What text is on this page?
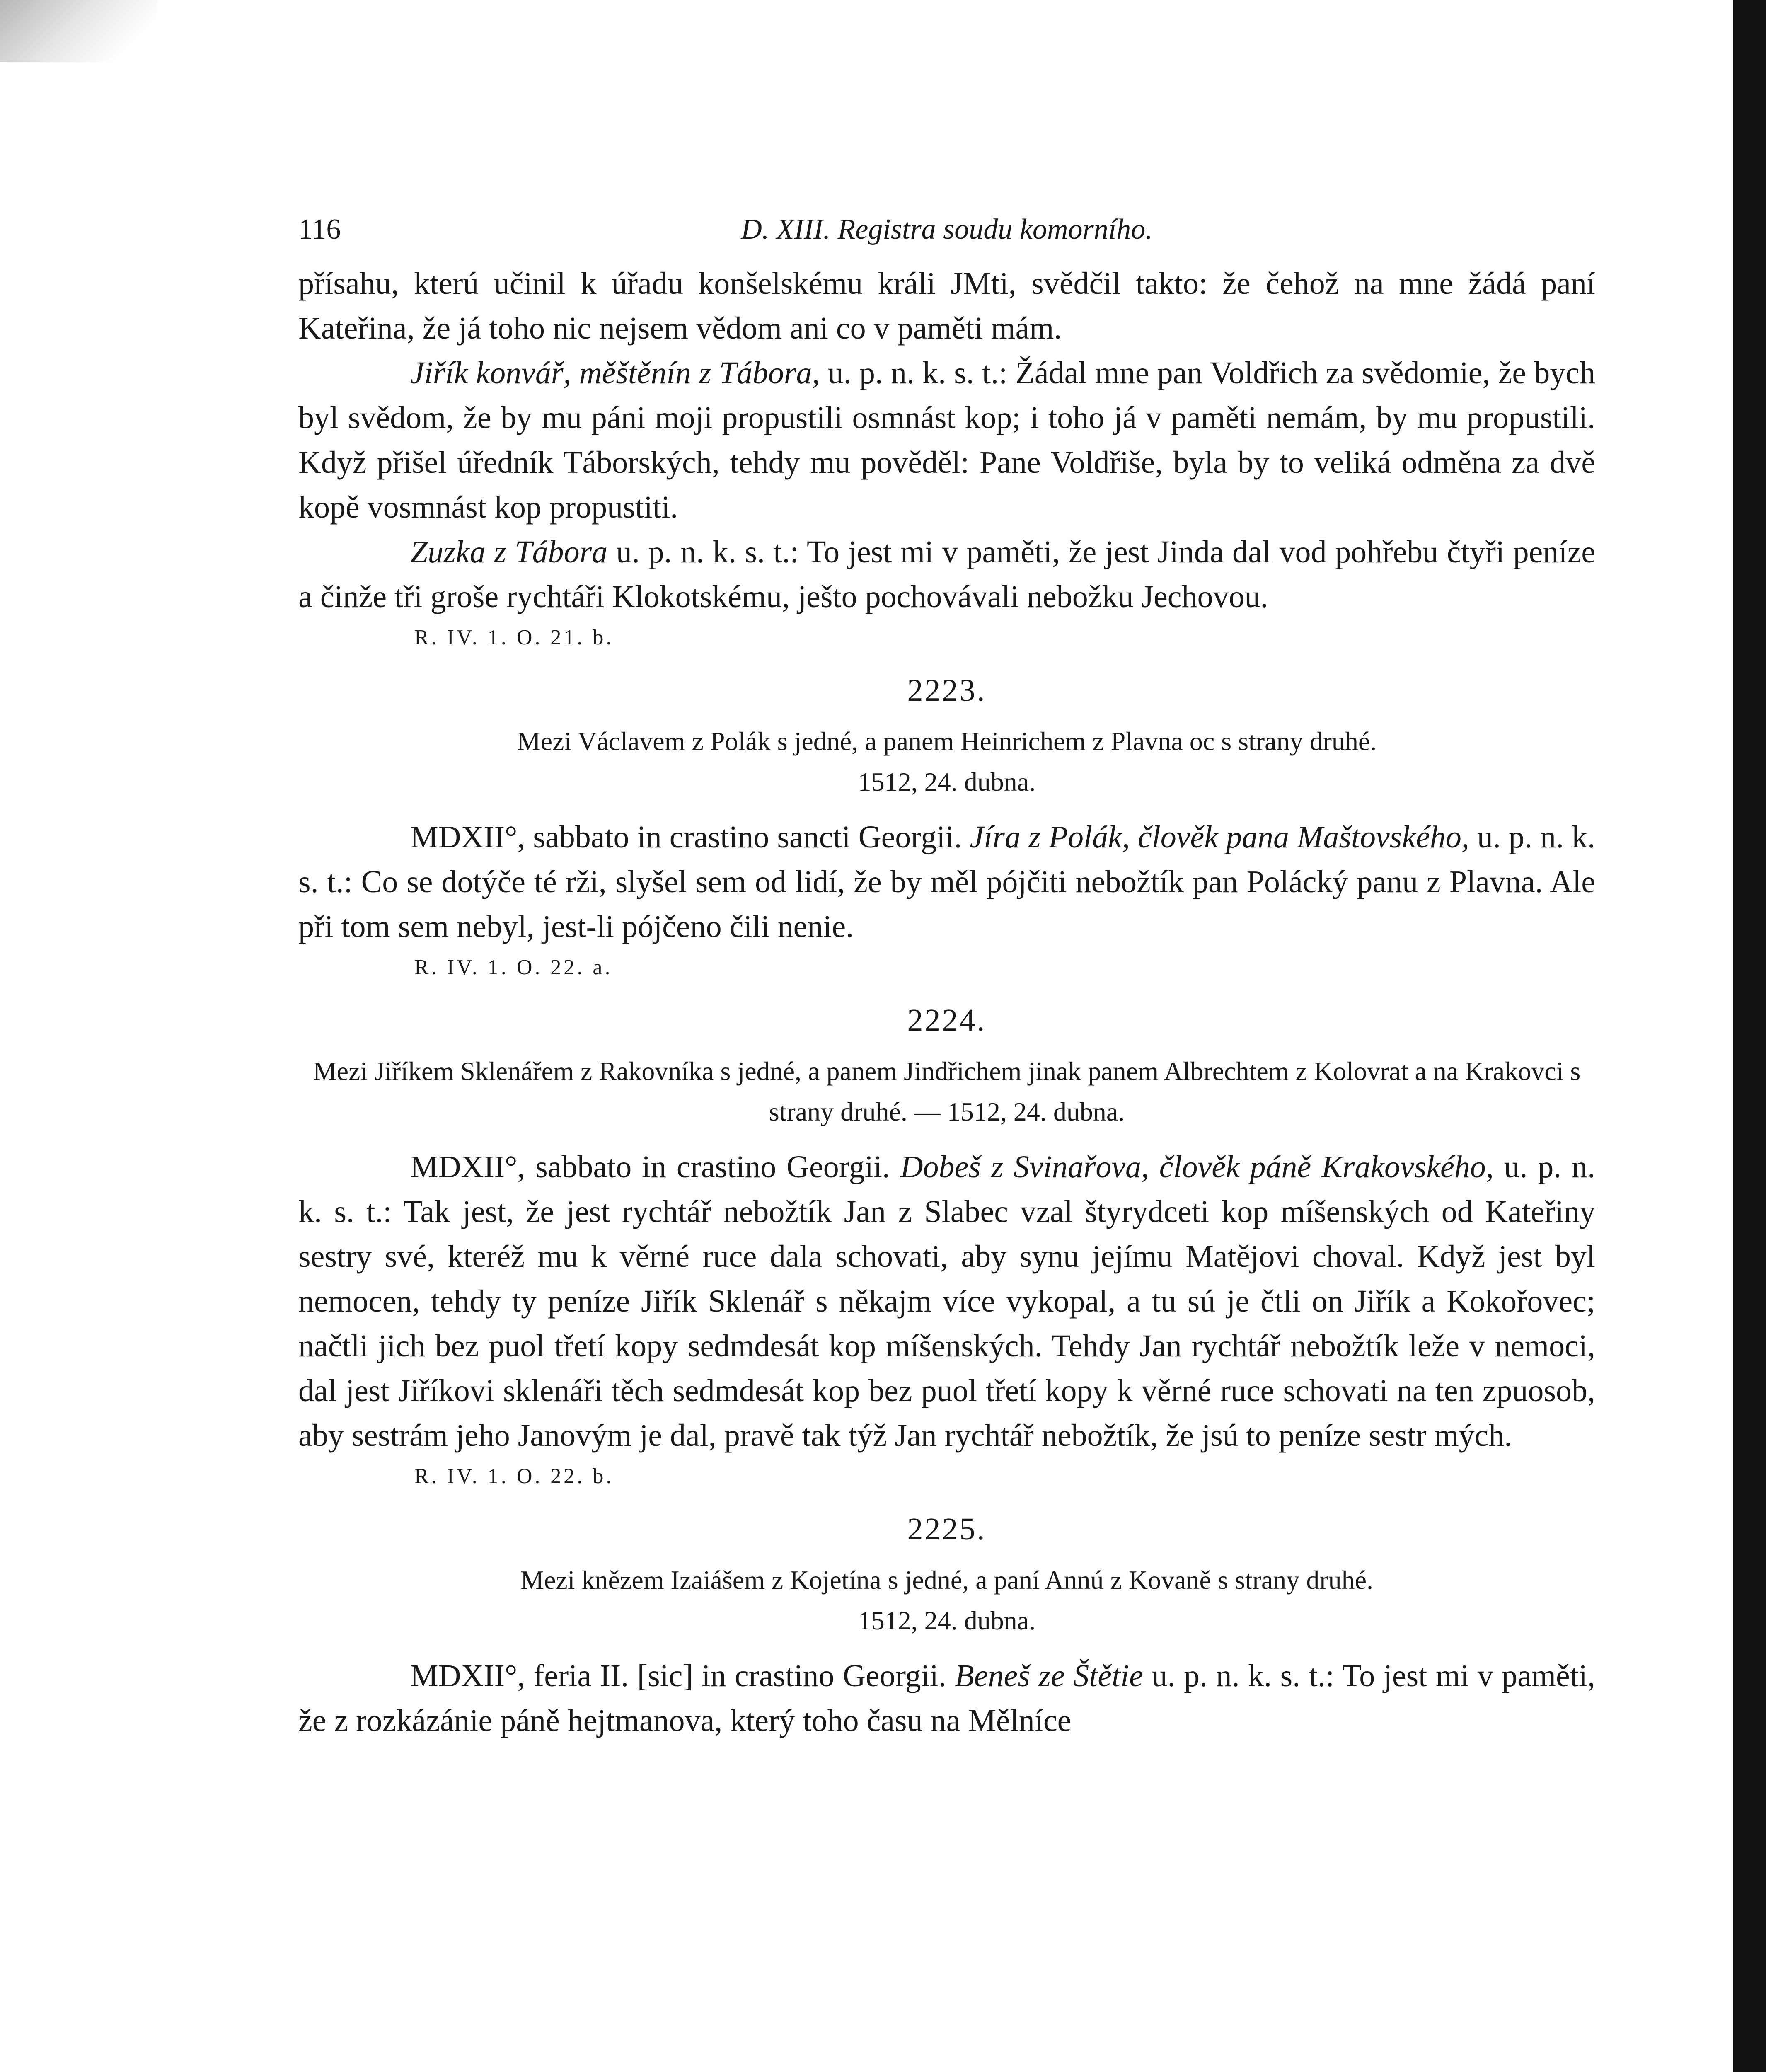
116	D. XIII. Registra soudu komorního.

přísahu, kterú učinil k úřadu konšelskému králi JMti, svědčil takto: že čehož na mne žádá paní Kateřina, že já toho nic nejsem vědom ani co v paměti mám.

Jiřík konvář, měštěnín z Tábora, u. p. n. k. s. t.: Žádal mne pan Voldřich za svědomie, že bych byl svědom, že by mu páni moji propustili osmnást kop; i toho já v paměti nemám, by mu propustili. Když přišel úředník Táborských, tehdy mu pověděl: Pane Voldřiše, byla by to veliká odměna za dvě kopě vosmnást kop propustiti.

Zuzka z Tábora u. p. n. k. s. t.: To jest mi v paměti, že jest Jinda dal vod pohřebu čtyři peníze a činže tři groše rychtáři Klokotskému, ješto pochovávali nebožku Jechovou.

R. IV. 1. O. 21. b.
2223.
Mezi Václavem z Polák s jedné, a panem Heinrichem z Plavna oc s strany druhé.
1512, 24. dubna.

MDXII°, sabbato in crastino sancti Georgii. Jíra z Polák, člověk pana Maštovského, u. p. n. k. s. t.: Co se dotýče té rži, slyšel sem od lidí, že by měl pójčiti nebožtík pan Polácký panu z Plavna. Ale při tom sem nebyl, jest-li pójčeno čili nenie.

R. IV. 1. O. 22. a.
2224.
Mezi Jiříkem Sklenářem z Rakovníka s jedné, a panem Jindřichem jinak panem Albrechtem z Kolovrat a na Krakovci s strany druhé. — 1512, 24. dubna.

MDXII°, sabbato in crastino Georgii. Dobeš z Svinařova, člověk páně Krakovského, u. p. n. k. s. t.: Tak jest, že jest rychtář nebožtík Jan z Slabec vzal štyrydceti kop míšenských od Kateřiny sestry své, kteréž mu k věrné ruce dala schovati, aby synu jejímu Matějovi choval. Když jest byl nemocen, tehdy ty peníze Jiřík Sklenář s někajm více vykopal, a tu sú je čtli on Jiřík a Kokořovec; načtli jich bez puol třetí kopy sedmdesát kop míšenských. Tehdy Jan rychtář nebožtík leže v nemoci, dal jest Jiříkovi sklenáři těch sedmdesát kop bez puol třetí kopy k věrné ruce schovati na ten zpuosob, aby sestrám jeho Janovým je dal, pravě tak týž Jan rychtář nebožtík, že jsú to peníze sestr mých.

R. IV. 1. O. 22. b.
2225.
Mezi knězem Izaiášem z Kojetína s jedné, a paní Annú z Kovaně s strany druhé.
1512, 24. dubna.

MDXII°, feria II. [sic] in crastino Georgii. Beneš ze Štětie u. p. n. k. s. t.: To jest mi v paměti, že z rozkázánie páně hejtmanova, který toho času na Mělníce
